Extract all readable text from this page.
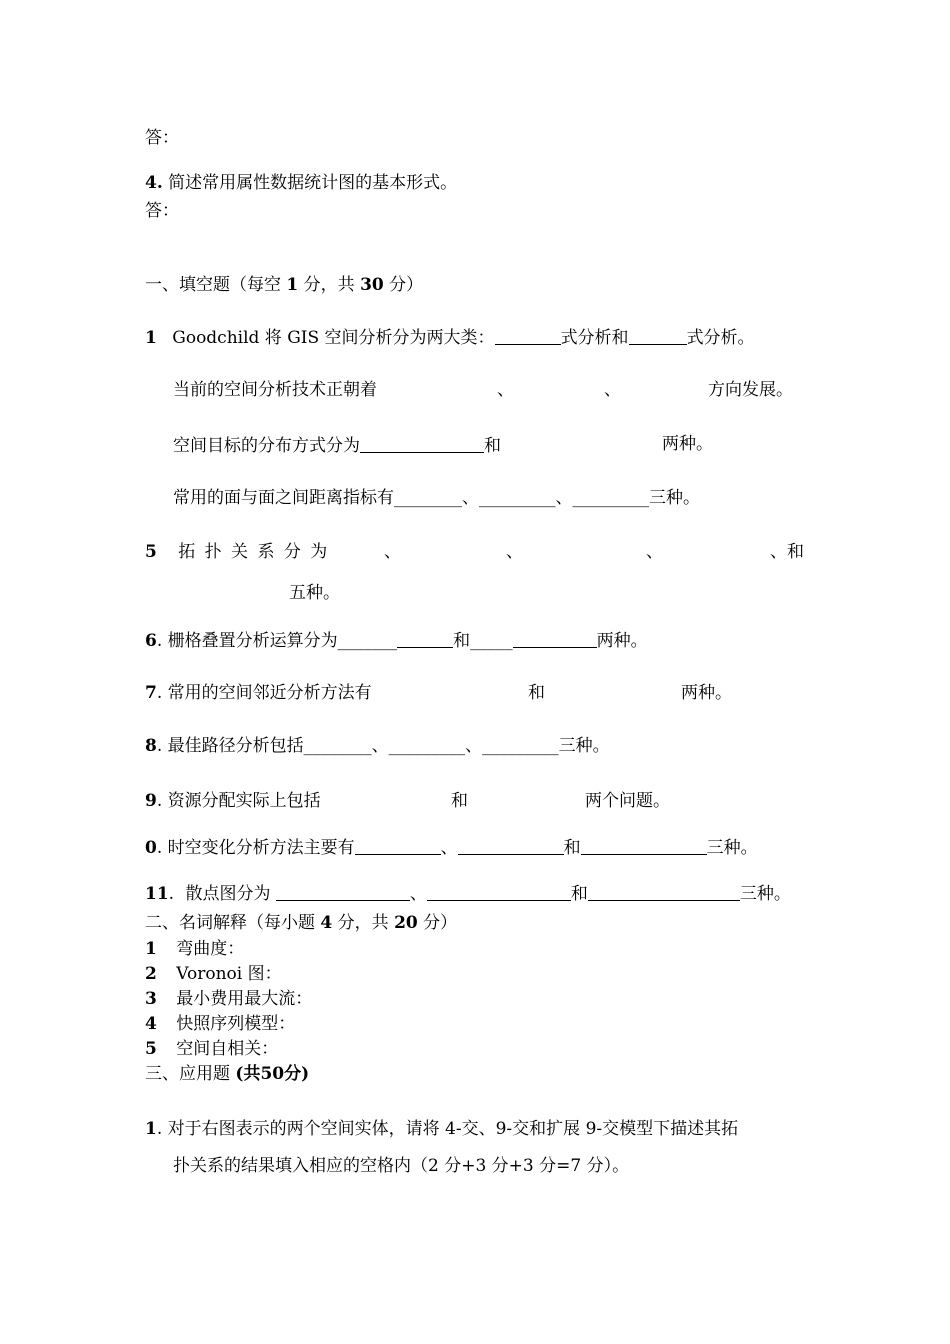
答：
4. 简述常用属性数据统计图的基本形式。
答：
一、填空题（每空 1 分，共 30 分）
1 Goodchild 将 GIS 空间分析分为两大类：	式分析和	式分析。
当前的空间分析技术正朝着	、	、	方向发展。
空间目标的分布方式分为	和	两种。
常用的面与面之间距离指标有________、_________、_________三种。
5 拓 扑 关 系 分 为	、	、	、	、和
五种。
6. 栅格叠置分析运算分为_______	和_____	两种。
7. 常用的空间邻近分析方法有	和	两种。
8. 最佳路径分析包括________、_________、_________三种。
9. 资源分配实际上包括	和	两个问题。
0. 时空变化分析方法主要有	、	和	三种。
11. 散点图分为	、	和	三种。
二、名词解释（每小题 4 分，共 20 分）
1 弯曲度：
2 Voronoi 图：
3 最小费用最大流：
4 快照序列模型：
5 空间自相关：
三、应用题 (共50分)
1. 对于右图表示的两个空间实体，请将 4-交、9-交和扩展 9-交模型下描述其拓
扑关系的结果填入相应的空格内（2 分+3 分+3 分=7 分）。
